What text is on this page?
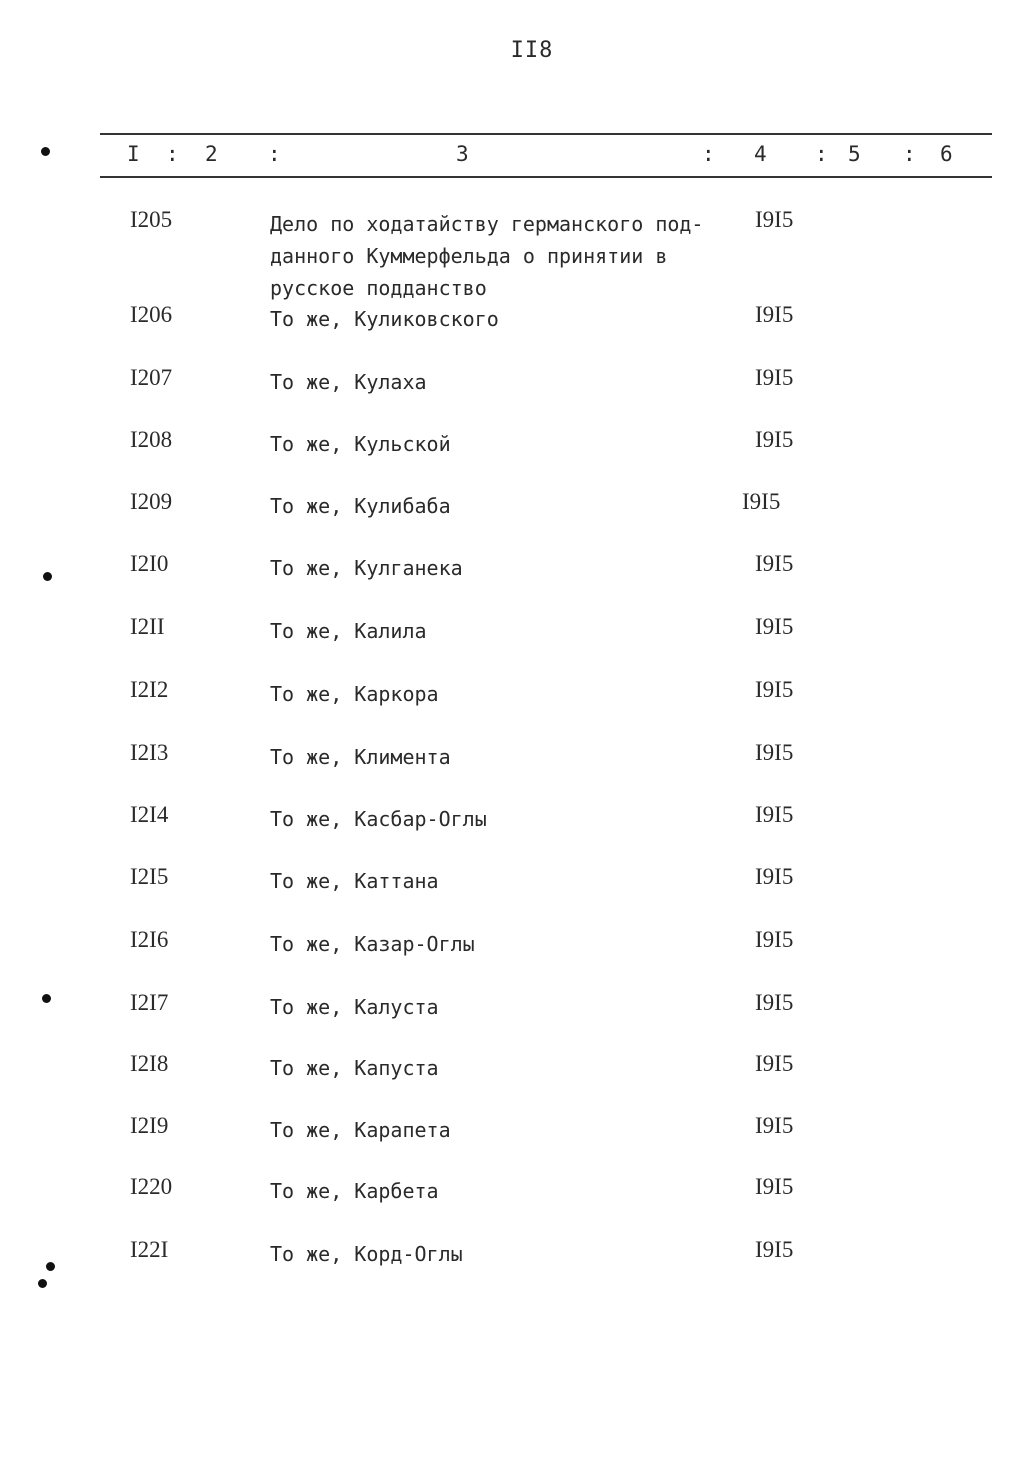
II8
I : 2 :	3	: 4 : 5 : 6
I205	Дело по ходатайству германского под-
данного Куммерфельда о принятии в
русское подданство
I9I5
I206	То же, Куликовского	I9I5
I207	То же, Кулаха	I9I5
I208	То же, Кульской	I9I5
I209	То же, Кулибаба	I9I5
I2I0	То же, Кулганека	I9I5
I2II	То же, Калила	I9I5
I2I2	То же, Каркора	I9I5
I2I3	То же, Климента	I9I5
I2I4	То же, Касбар-Оглы	I9I5
I2I5	То же, Каттана	I9I5
I2I6	То же, Казар-Оглы	I9I5
I2I7	То же, Калуста	I9I5
I2I8	То же, Капуста	I9I5
I2I9	То же, Карапета	I9I5
I220	То же, Карбета	I9I5
I22I	То же, Корд-Оглы	I9I5
